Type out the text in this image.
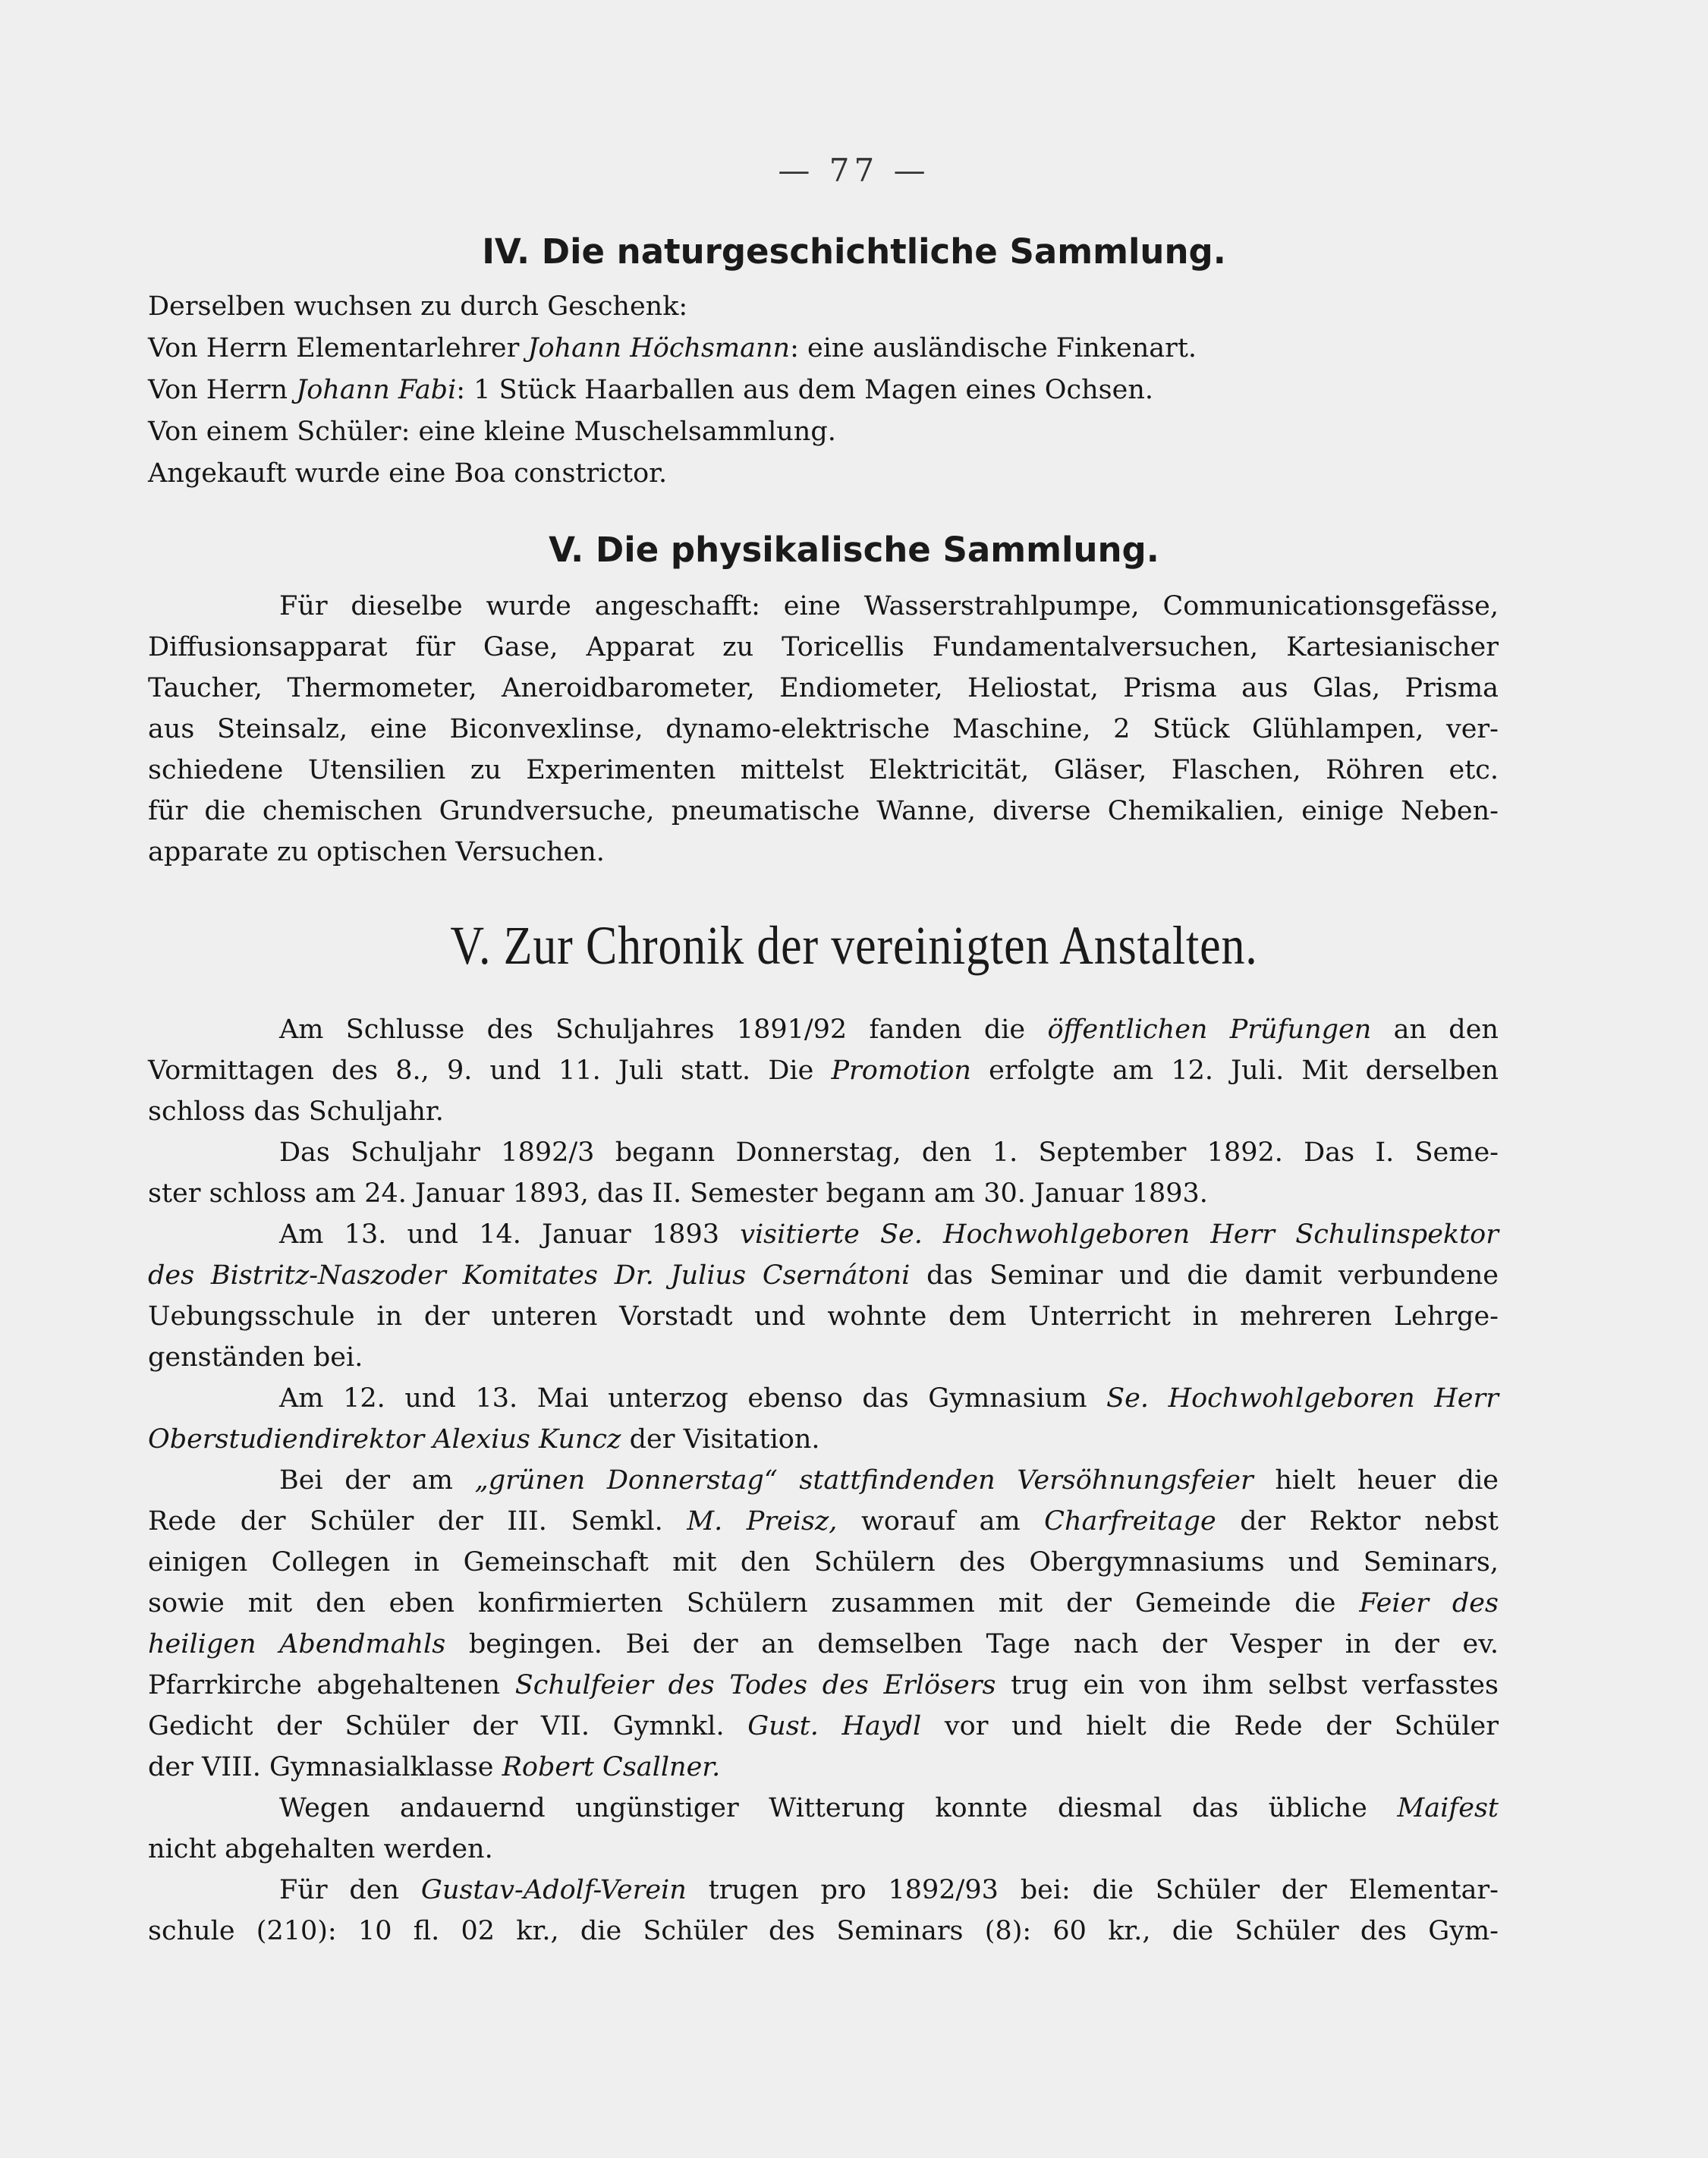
— 77 —
IV. Die naturgeschichtliche Sammlung.
Derselben wuchsen zu durch Geschenk:
Von Herrn Elementarlehrer Johann Höchsmann: eine ausländische Finkenart.
Von Herrn Johann Fabi: 1 Stück Haarballen aus dem Magen eines Ochsen.
Von einem Schüler: eine kleine Muschelsammlung.
Angekauft wurde eine Boa constrictor.
V. Die physikalische Sammlung.
Für dieselbe wurde angeschafft: eine Wasserstrahlpumpe, Communicationsgefässe,
Diffusionsapparat für Gase, Apparat zu Toricellis Fundamentalversuchen, Kartesianischer
Taucher, Thermometer, Aneroidbarometer, Endiometer, Heliostat, Prisma aus Glas, Prisma
aus Steinsalz, eine Biconvexlinse, dynamo-elektrische Maschine, 2 Stück Glühlampen, ver-
schiedene Utensilien zu Experimenten mittelst Elektricität, Gläser, Flaschen, Röhren etc.
für die chemischen Grundversuche, pneumatische Wanne, diverse Chemikalien, einige Neben-
apparate zu optischen Versuchen.
V. Zur Chronik der vereinigten Anstalten.
Am Schlusse des Schuljahres 1891/92 fanden die öffentlichen Prüfungen an den
Vormittagen des 8., 9. und 11. Juli statt. Die Promotion erfolgte am 12. Juli. Mit derselben
schloss das Schuljahr.
Das Schuljahr 1892/3 begann Donnerstag, den 1. September 1892. Das I. Seme-
ster schloss am 24. Januar 1893, das II. Semester begann am 30. Januar 1893.
Am 13. und 14. Januar 1893 visitierte Se. Hochwohlgeboren Herr Schulinspektor
des Bistritz-Naszoder Komitates Dr. Julius Csernátoni das Seminar und die damit verbundene
Uebungsschule in der unteren Vorstadt und wohnte dem Unterricht in mehreren Lehrge-
genständen bei.
Am 12. und 13. Mai unterzog ebenso das Gymnasium Se. Hochwohlgeboren Herr
Oberstudiendirektor Alexius Kuncz der Visitation.
Bei der am „grünen Donnerstag“ stattfindenden Versöhnungsfeier hielt heuer die
Rede der Schüler der III. Semkl. M. Preisz, worauf am Charfreitage der Rektor nebst
einigen Collegen in Gemeinschaft mit den Schülern des Obergymnasiums und Seminars,
sowie mit den eben konfirmierten Schülern zusammen mit der Gemeinde die Feier des
heiligen Abendmahls begingen. Bei der an demselben Tage nach der Vesper in der ev.
Pfarrkirche abgehaltenen Schulfeier des Todes des Erlösers trug ein von ihm selbst verfasstes
Gedicht der Schüler der VII. Gymnkl. Gust. Haydl vor und hielt die Rede der Schüler
der VIII. Gymnasialklasse Robert Csallner.
Wegen andauernd ungünstiger Witterung konnte diesmal das übliche Maifest
nicht abgehalten werden.
Für den Gustav-Adolf-Verein trugen pro 1892/93 bei: die Schüler der Elementar-
schule (210): 10 fl. 02 kr., die Schüler des Seminars (8): 60 kr., die Schüler des Gym-
